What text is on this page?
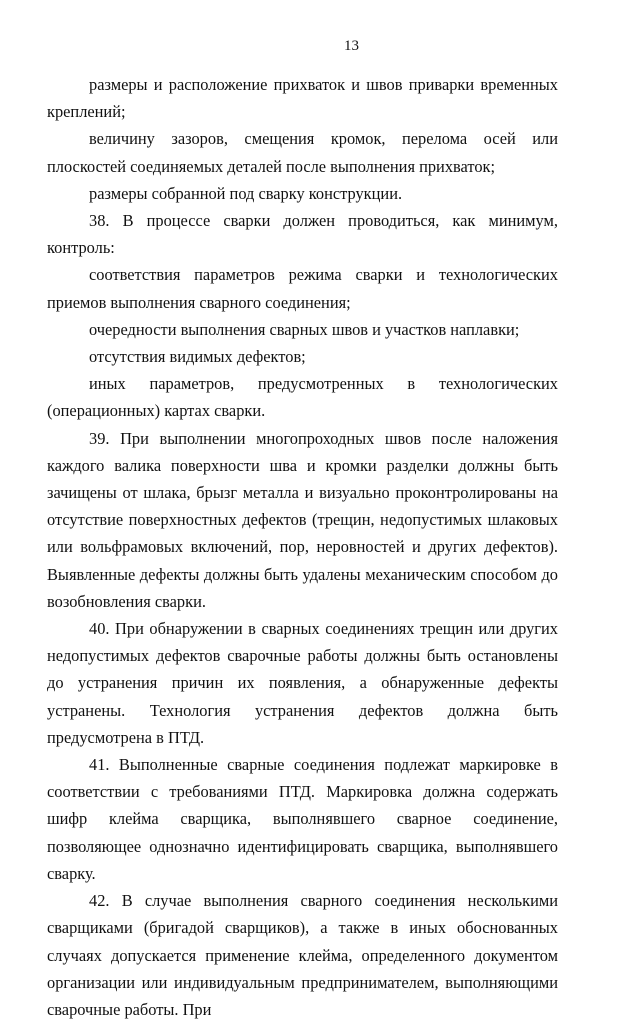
13

размеры и расположение прихваток и швов приварки временных креплений;

величину зазоров, смещения кромок, перелома осей или плоскостей соединяемых деталей после выполнения прихваток;

размеры собранной под сварку конструкции.

38. В процессе сварки должен проводиться, как минимум, контроль:

соответствия параметров режима сварки и технологических приемов выполнения сварного соединения;

очередности выполнения сварных швов и участков наплавки;

отсутствия видимых дефектов;

иных параметров, предусмотренных в технологических (операционных) картах сварки.

39. При выполнении многопроходных швов после наложения каждого валика поверхности шва и кромки разделки должны быть зачищены от шлака, брызг металла и визуально проконтролированы на отсутствие поверхностных дефектов (трещин, недопустимых шлаковых или вольфрамовых включений, пор, неровностей и других дефектов). Выявленные дефекты должны быть удалены механическим способом до возобновления сварки.

40. При обнаружении в сварных соединениях трещин или других недопустимых дефектов сварочные работы должны быть остановлены до устранения причин их появления, а обнаруженные дефекты устранены. Технология устранения дефектов должна быть предусмотрена в ПТД.

41. Выполненные сварные соединения подлежат маркировке в соответствии с требованиями ПТД. Маркировка должна содержать шифр клейма сварщика, выполнявшего сварное соединение, позволяющее однозначно идентифицировать сварщика, выполнявшего сварку.

42. В случае выполнения сварного соединения несколькими сварщиками (бригадой сварщиков), а также в иных обоснованных случаях допускается применение клейма, определенного документом организации или индивидуальным предпринимателем, выполняющими сварочные работы. При
